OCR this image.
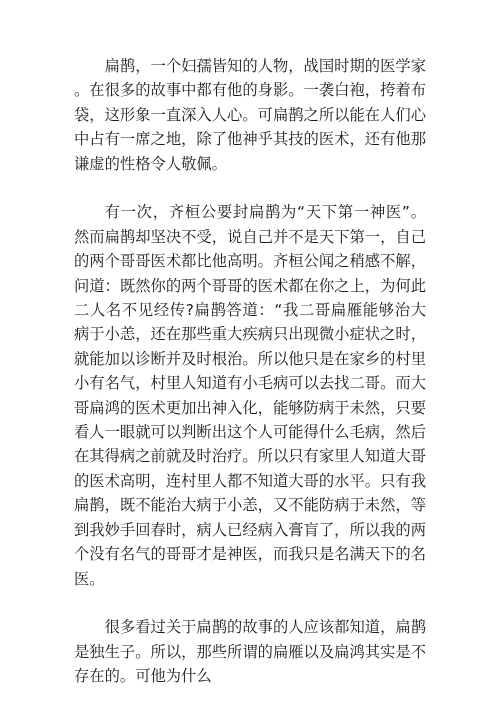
扁鹊，一个妇孺皆知的人物，战国时期的医学家。在很多的故事中都有他的身影。一袭白袍，挎着布袋，这形象一直深入人心。可扁鹊之所以能在人们心中占有一席之地，除了他神乎其技的医术，还有他那谦虚的性格令人敬佩。

有一次，齐桓公要封扁鹊为“天下第一神医”。然而扁鹊却坚决不受，说自己并不是天下第一，自己的两个哥哥医术都比他高明。齐桓公闻之稍感不解，问道：既然你的两个哥哥的医术都在你之上，为何此二人名不见经传?扁鹊答道：“我二哥扁雁能够治大病于小恙，还在那些重大疾病只出现微小症状之时，就能加以诊断并及时根治。所以他只是在家乡的村里小有名气，村里人知道有小毛病可以去找二哥。而大哥扁鸿的医术更加出神入化，能够防病于未然，只要看人一眼就可以判断出这个人可能得什么毛病，然后在其得病之前就及时治疗。所以只有家里人知道大哥的医术高明，连村里人都不知道大哥的水平。只有我扁鹊，既不能治大病于小恙，又不能防病于未然，等到我妙手回春时，病人已经病入膏肓了，所以我的两个没有名气的哥哥才是神医，而我只是名满天下的名医。

很多看过关于扁鹊的故事的人应该都知道，扁鹊是独生子。所以，那些所谓的扁雁以及扁鸿其实是不存在的。可他为什么
